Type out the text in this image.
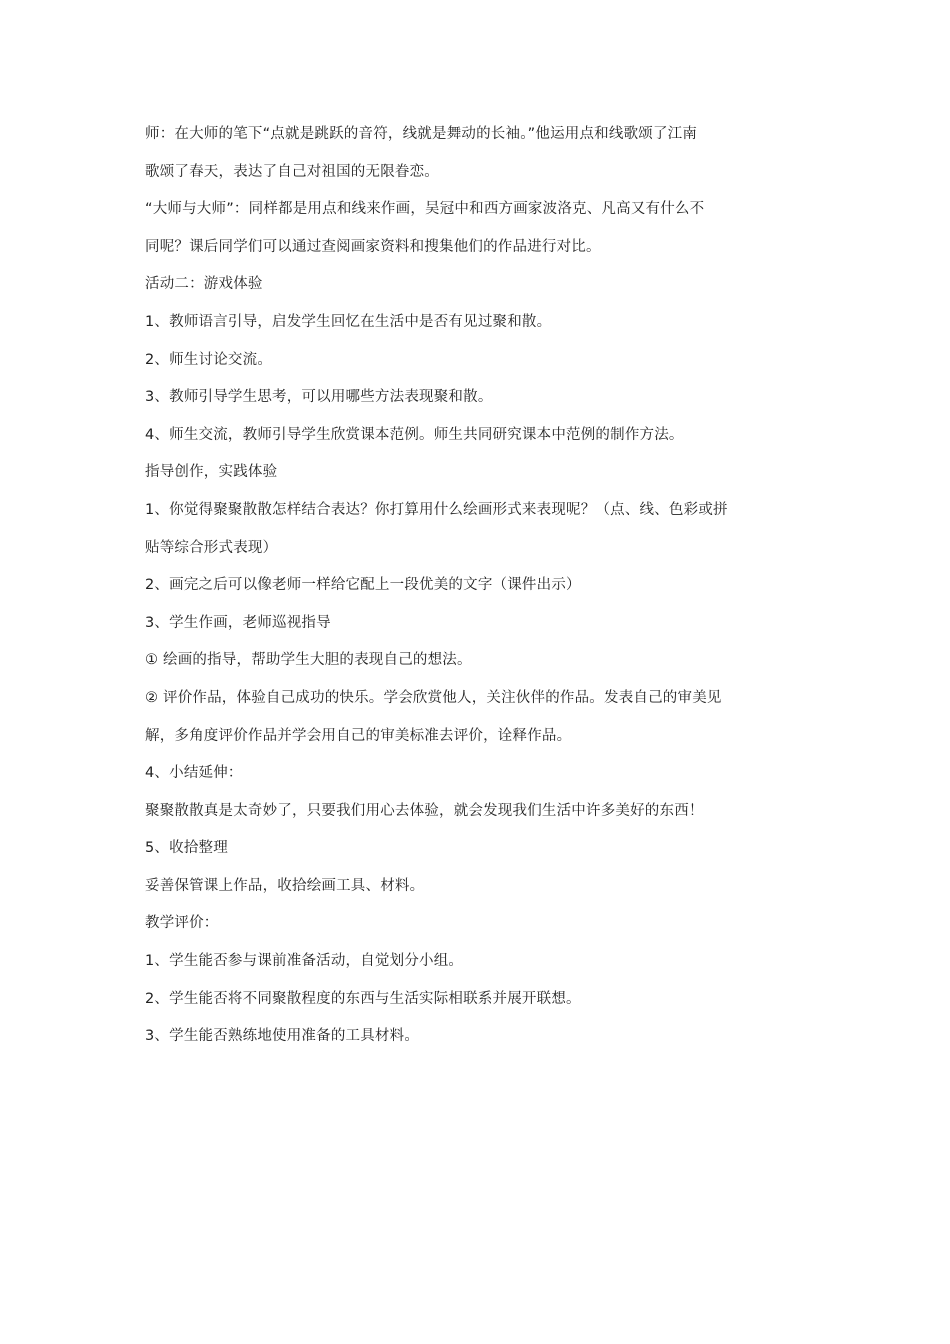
师：在大师的笔下“点就是跳跃的音符，线就是舞动的长袖。”他运用点和线歌颂了江南

歌颂了春天，表达了自己对祖国的无限眷恋。

“大师与大师”：同样都是用点和线来作画，吴冠中和西方画家波洛克、凡高又有什么不

同呢？课后同学们可以通过查阅画家资料和搜集他们的作品进行对比。

活动二：游戏体验

1、教师语言引导，启发学生回忆在生活中是否有见过聚和散。

2、师生讨论交流。

3、教师引导学生思考，可以用哪些方法表现聚和散。

4、师生交流，教师引导学生欣赏课本范例。师生共同研究课本中范例的制作方法。

指导创作，实践体验

1、你觉得聚聚散散怎样结合表达？你打算用什么绘画形式来表现呢？（点、线、色彩或拼

贴等综合形式表现）

2、画完之后可以像老师一样给它配上一段优美的文字（课件出示）

3、学生作画，老师巡视指导

① 绘画的指导，帮助学生大胆的表现自己的想法。

② 评价作品，体验自己成功的快乐。学会欣赏他人，关注伙伴的作品。发表自己的审美见

解，多角度评价作品并学会用自己的审美标准去评价，诠释作品。

4、小结延伸：

聚聚散散真是太奇妙了，只要我们用心去体验，就会发现我们生活中许多美好的东西！

5、收拾整理

妥善保管课上作品，收拾绘画工具、材料。

教学评价：

1、学生能否参与课前准备活动，自觉划分小组。

2、学生能否将不同聚散程度的东西与生活实际相联系并展开联想。

3、学生能否熟练地使用准备的工具材料。
